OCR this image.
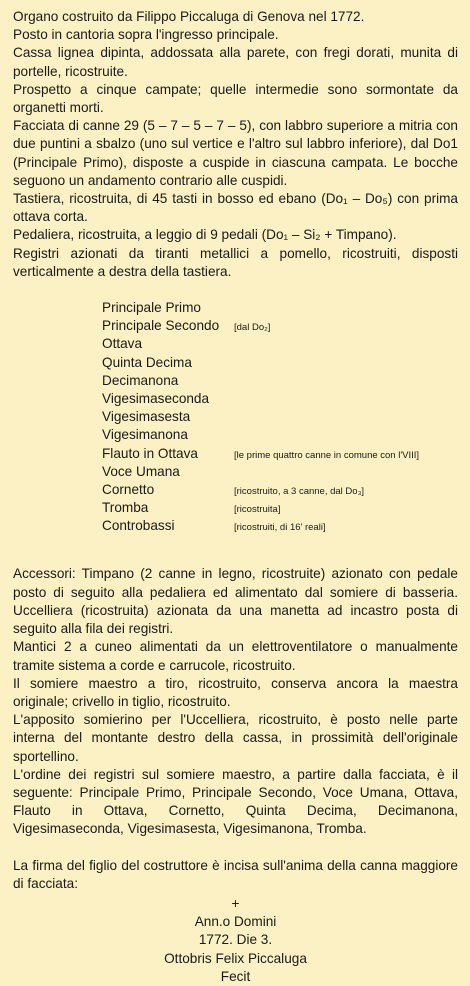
Organo costruito da Filippo Piccaluga di Genova nel 1772.

Posto in cantoria sopra l'ingresso principale.

Cassa lignea dipinta, addossata alla parete, con fregi dorati, munita di portelle, ricostruite.

Prospetto a cinque campate; quelle intermedie sono sormontate da organetti morti.

Facciata di canne 29 (5 – 7 – 5 – 7 – 5), con labbro superiore a mitria con due puntini a sbalzo (uno sul vertice e l'altro sul labbro inferiore), dal Do1 (Principale Primo), disposte a cuspide in ciascuna campata. Le bocche seguono un andamento contrario alle cuspidi.

Tastiera, ricostruita, di 45 tasti in bosso ed ebano (Do₁ – Do₅) con prima ottava corta.

Pedaliera, ricostruita, a leggio di 9 pedali (Do₁ – Si₂ + Timpano).

Registri azionati da tiranti metallici a pomello, ricostruiti, disposti verticalmente a destra della tastiera.

Principale Primo
Principale Secondo	[dal Do₂]
Ottava
Quinta Decima
Decimanona
Vigesimaseconda
Vigesimasesta
Vigesimanona
Flauto in Ottava	[le prime quattro canne in comune con l'VIII]
Voce Umana
Cornetto	[ricostruito, a 3 canne, dal Do₃]
Tromba	[ricostruita]
Controbassi	[ricostruiti, di 16' reali]

Accessori: Timpano (2 canne in legno, ricostruite) azionato con pedale posto di seguito alla pedaliera ed alimentato dal somiere di basseria. Uccelliera (ricostruita) azionata da una manetta ad incastro posta di seguito alla fila dei registri.

Mantici 2 a cuneo alimentati da un elettroventilatore o manualmente tramite sistema a corde e carrucole, ricostruito.

Il somiere maestro a tiro, ricostruito, conserva ancora la maestra originale; crivello in tiglio, ricostruito.

L'apposito somierino per l'Uccelliera, ricostruito, è posto nelle parte interna del montante destro della cassa, in prossimità dell'originale sportellino.

L'ordine dei registri sul somiere maestro, a partire dalla facciata, è il seguente: Principale Primo, Principale Secondo, Voce Umana, Ottava, Flauto in Ottava, Cornetto, Quinta Decima, Decimanona, Vigesimaseconda, Vigesimasesta, Vigesimanona, Tromba.

La firma del figlio del costruttore è incisa sull'anima della canna maggiore di facciata:

+
Ann.o Domini
1772. Die 3.
Ottobris Felix Piccaluga
Fecit
